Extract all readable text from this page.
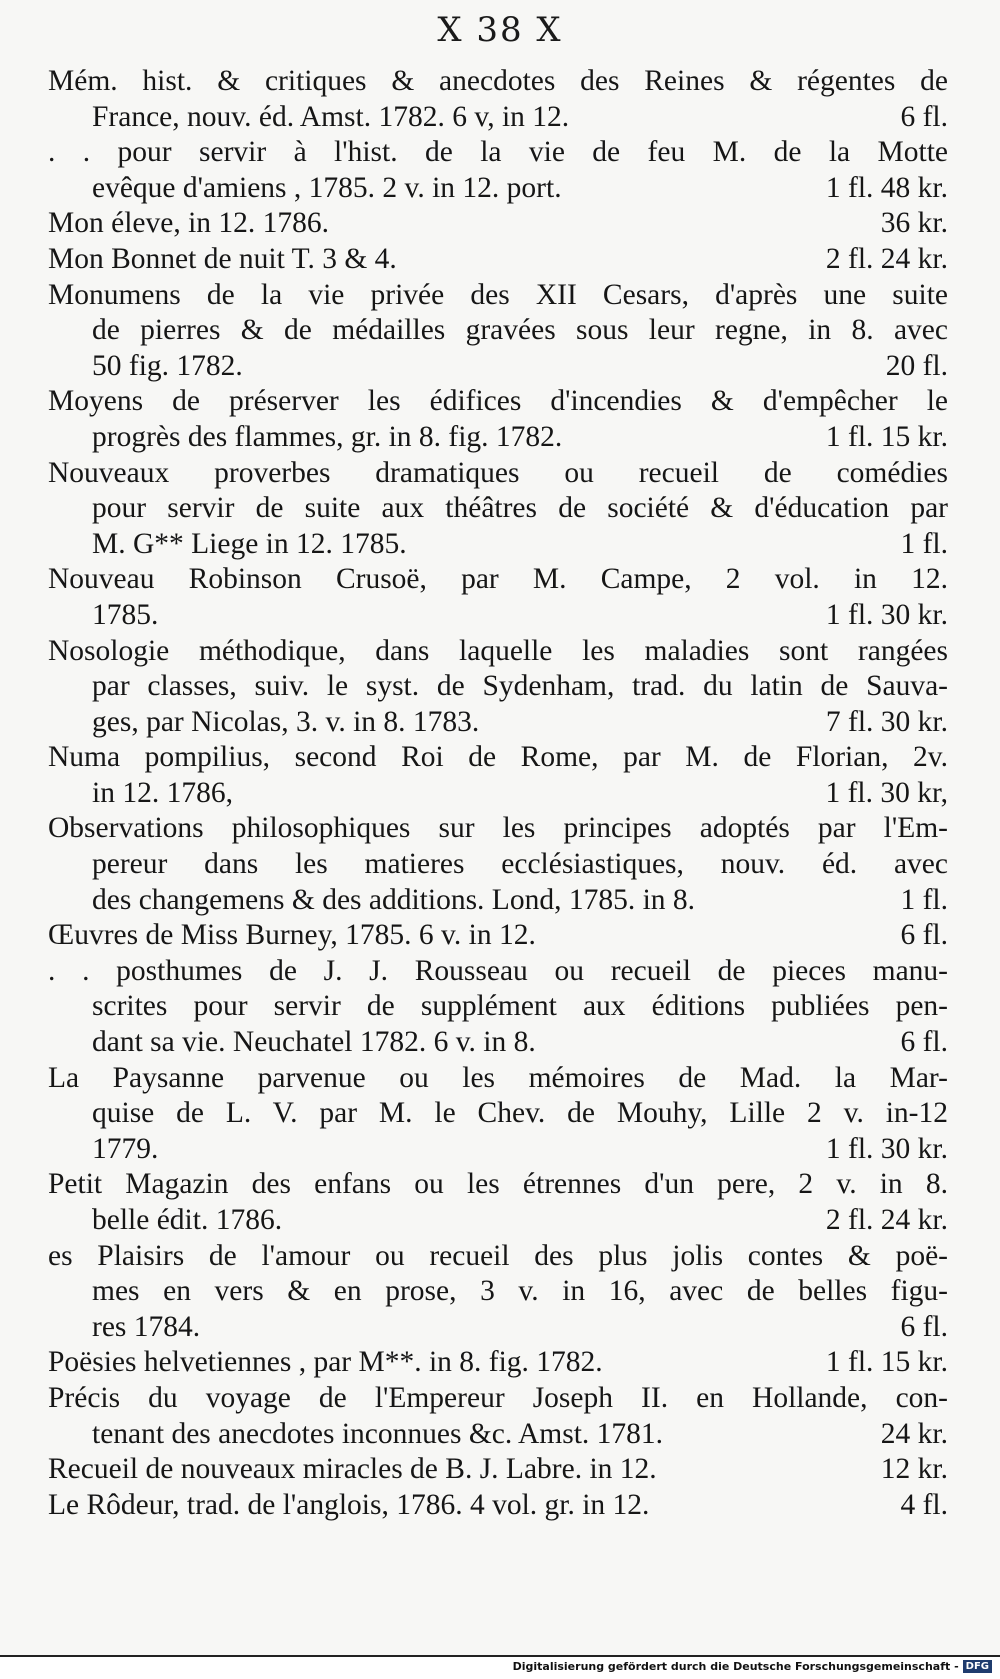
Ⅹ 38 Ⅹ
Mém. hist. & critiques & anecdotes des Reines & régentes de
France, nouv. éd. Amst. 1782. 6 v, in 12.	6 fl.
. . pour servir à l'hist. de la vie de feu M. de la Motte
evêque d'amiens , 1785. 2 v. in 12. port.	1 fl. 48 kr.
Mon éleve, in 12. 1786.	36 kr.
Mon Bonnet de nuit T. 3 & 4.	2 fl. 24 kr.
Monumens de la vie privée des XII Cesars, d'après une suite
de pierres & de médailles gravées sous leur regne, in 8. avec
50 fig. 1782.	20 fl.
Moyens de préserver les édifices d'incendies & d'empêcher le
progrès des flammes, gr. in 8. fig. 1782.	1 fl. 15 kr.
Nouveaux proverbes dramatiques ou recueil de comédies
pour servir de suite aux théâtres de société & d'éducation par
M. G** Liege in 12. 1785.	1 fl.
Nouveau Robinson Crusoë, par M. Campe, 2 vol. in 12.
1785.	1 fl. 30 kr.
Nosologie méthodique, dans laquelle les maladies sont rangées
par classes, suiv. le syst. de Sydenham, trad. du latin de Sauva-
ges, par Nicolas, 3. v. in 8. 1783.	7 fl. 30 kr.
Numa pompilius, second Roi de Rome, par M. de Florian, 2v.
in 12. 1786,	1 fl. 30 kr,
Observations philosophiques sur les principes adoptés par l'Em-
pereur dans les matieres ecclésiastiques, nouv. éd. avec
des changemens & des additions. Lond, 1785. in 8.	1 fl.
Œuvres de Miss Burney, 1785. 6 v. in 12.	6 fl.
. . posthumes de J. J. Rousseau ou recueil de pieces manu-
scrites pour servir de supplément aux éditions publiées pen-
dant sa vie. Neuchatel 1782. 6 v. in 8.	6 fl.
La Paysanne parvenue ou les mémoires de Mad. la Mar-
quise de L. V. par M. le Chev. de Mouhy, Lille 2 v. in-12
1779.	1 fl. 30 kr.
Petit Magazin des enfans ou les étrennes d'un pere, 2 v. in 8.
belle édit. 1786.	2 fl. 24 kr.
es Plaisirs de l'amour ou recueil des plus jolis contes & poë-
mes en vers & en prose, 3 v. in 16, avec de belles figu-
res 1784.	6 fl.
Poësies helvetiennes , par M**. in 8. fig. 1782.	1 fl. 15 kr.
Précis du voyage de l'Empereur Joseph II. en Hollande, con-
tenant des anecdotes inconnues &c. Amst. 1781.	24 kr.
Recueil de nouveaux miracles de B. J. Labre. in 12.	12 kr.
Le Rôdeur, trad. de l'anglois, 1786. 4 vol. gr. in 12.	4 fl.
Digitalisierung gefördert durch die Deutsche Forschungsgemeinschaft - DFG
